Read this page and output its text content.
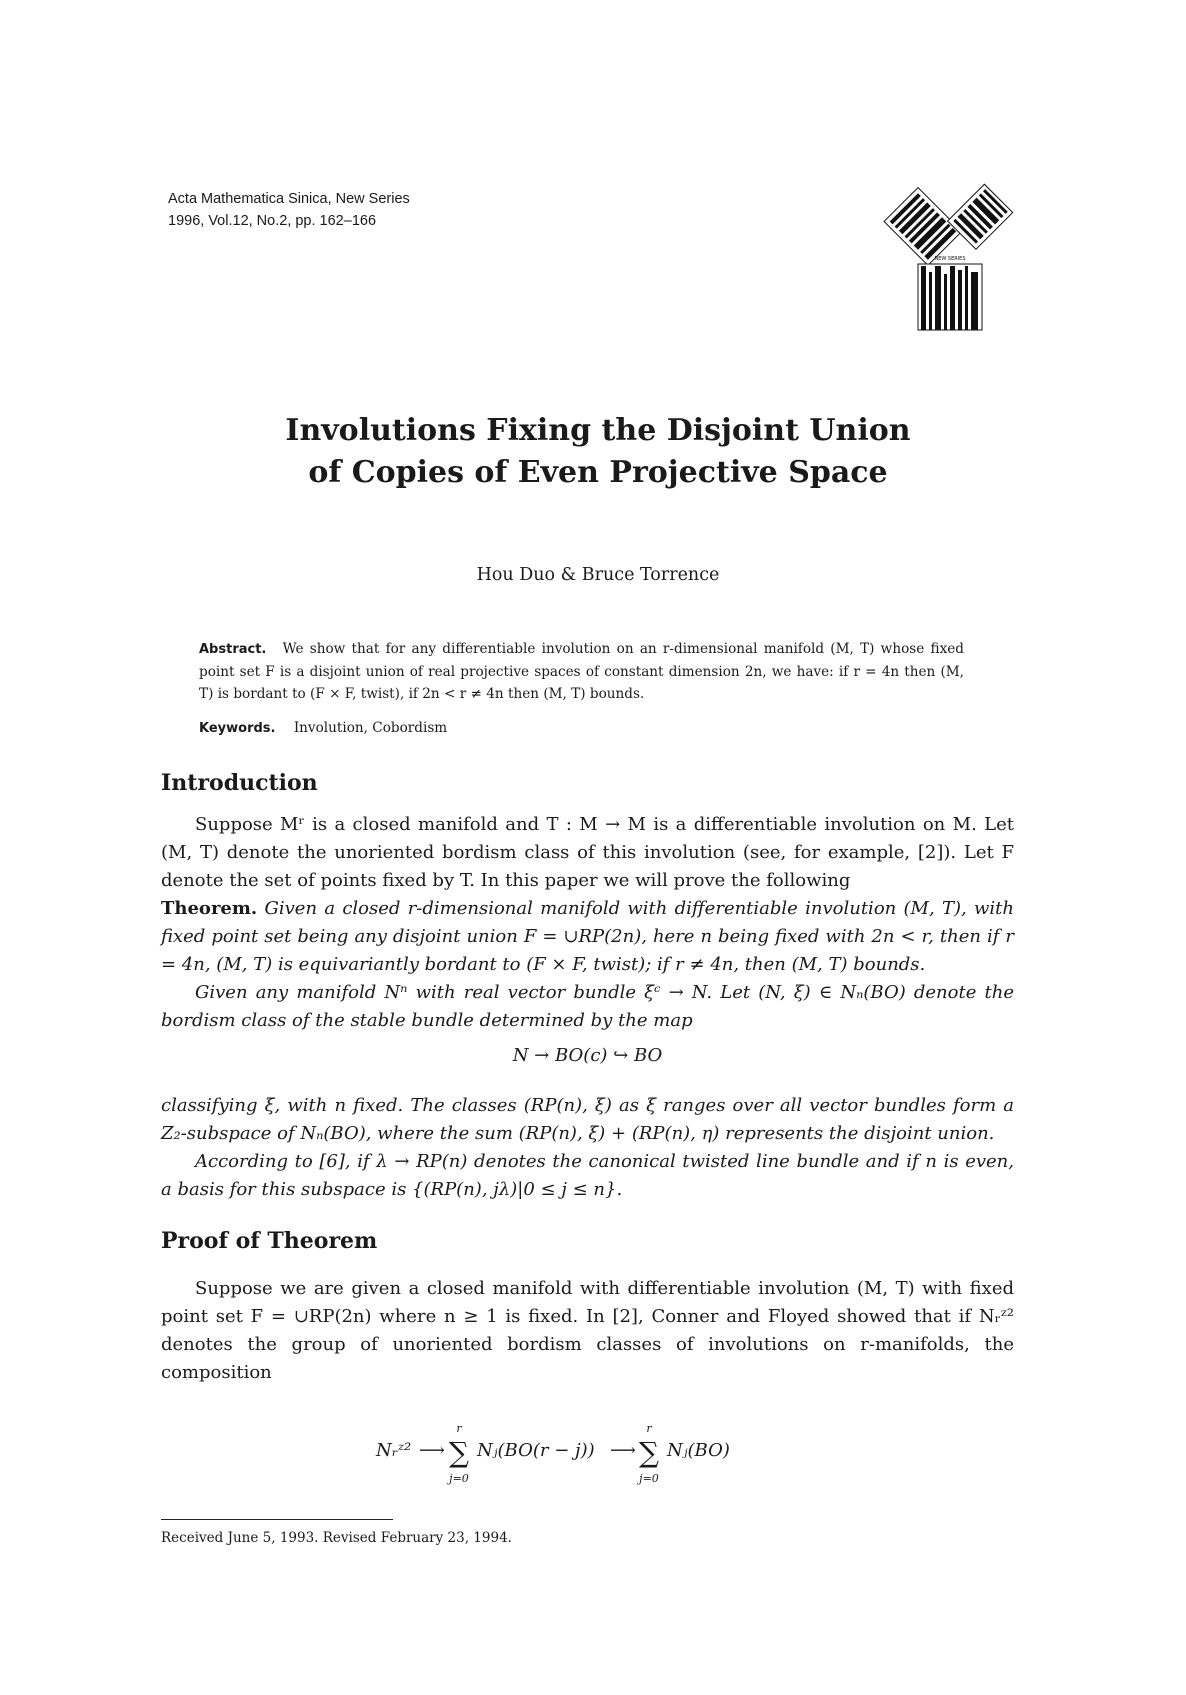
Acta Mathematica Sinica, New Series
1996, Vol.12, No.2, pp. 162–166
NEW SERIES
Involutions Fixing the Disjoint Union
of Copies of Even Projective Space
Hou Duo & Bruce Torrence
Abstract. We show that for any differentiable involution on an r-dimensional manifold (M, T) whose fixed point set F is a disjoint union of real projective spaces of constant dimension 2n, we have: if r = 4n then (M, T) is bordant to (F × F, twist), if 2n < r ≠ 4n then (M, T) bounds.
Keywords. Involution, Cobordism
Introduction
Suppose Mʳ is a closed manifold and T : M → M is a differentiable involution on M. Let (M, T) denote the unoriented bordism class of this involution (see, for example, [2]). Let F denote the set of points fixed by T. In this paper we will prove the following
Theorem. Given a closed r-dimensional manifold with differentiable involution (M, T), with fixed point set being any disjoint union F = ∪RP(2n), here n being fixed with 2n < r, then if r = 4n, (M, T) is equivariantly bordant to (F × F, twist); if r ≠ 4n, then (M, T) bounds.
Given any manifold Nⁿ with real vector bundle ξᶜ → N. Let (N, ξ) ∈ Nₙ(BO) denote the bordism class of the stable bundle determined by the map
N → BO(c) ↪ BO
classifying ξ, with n fixed. The classes (RP(n), ξ) as ξ ranges over all vector bundles form a Z₂-subspace of Nₙ(BO), where the sum (RP(n), ξ) + (RP(n), η) represents the disjoint union.
According to [6], if λ → RP(n) denotes the canonical twisted line bundle and if n is even, a basis for this subspace is {(RP(n), jλ)|0 ≤ j ≤ n}.
Proof of Theorem
Suppose we are given a closed manifold with differentiable involution (M, T) with fixed point set F = ∪RP(2n) where n ≥ 1 is fixed. In [2], Conner and Floyed showed that if Nᵣᶻ² denotes the group of unoriented bordism classes of involutions on r-manifolds, the composition
Nᵣᶻ² ⟶
r
∑
j=0
Nⱼ(BO(r − j)) ⟶
r
∑
j=0
Nⱼ(BO)
Received June 5, 1993. Revised February 23, 1994.
